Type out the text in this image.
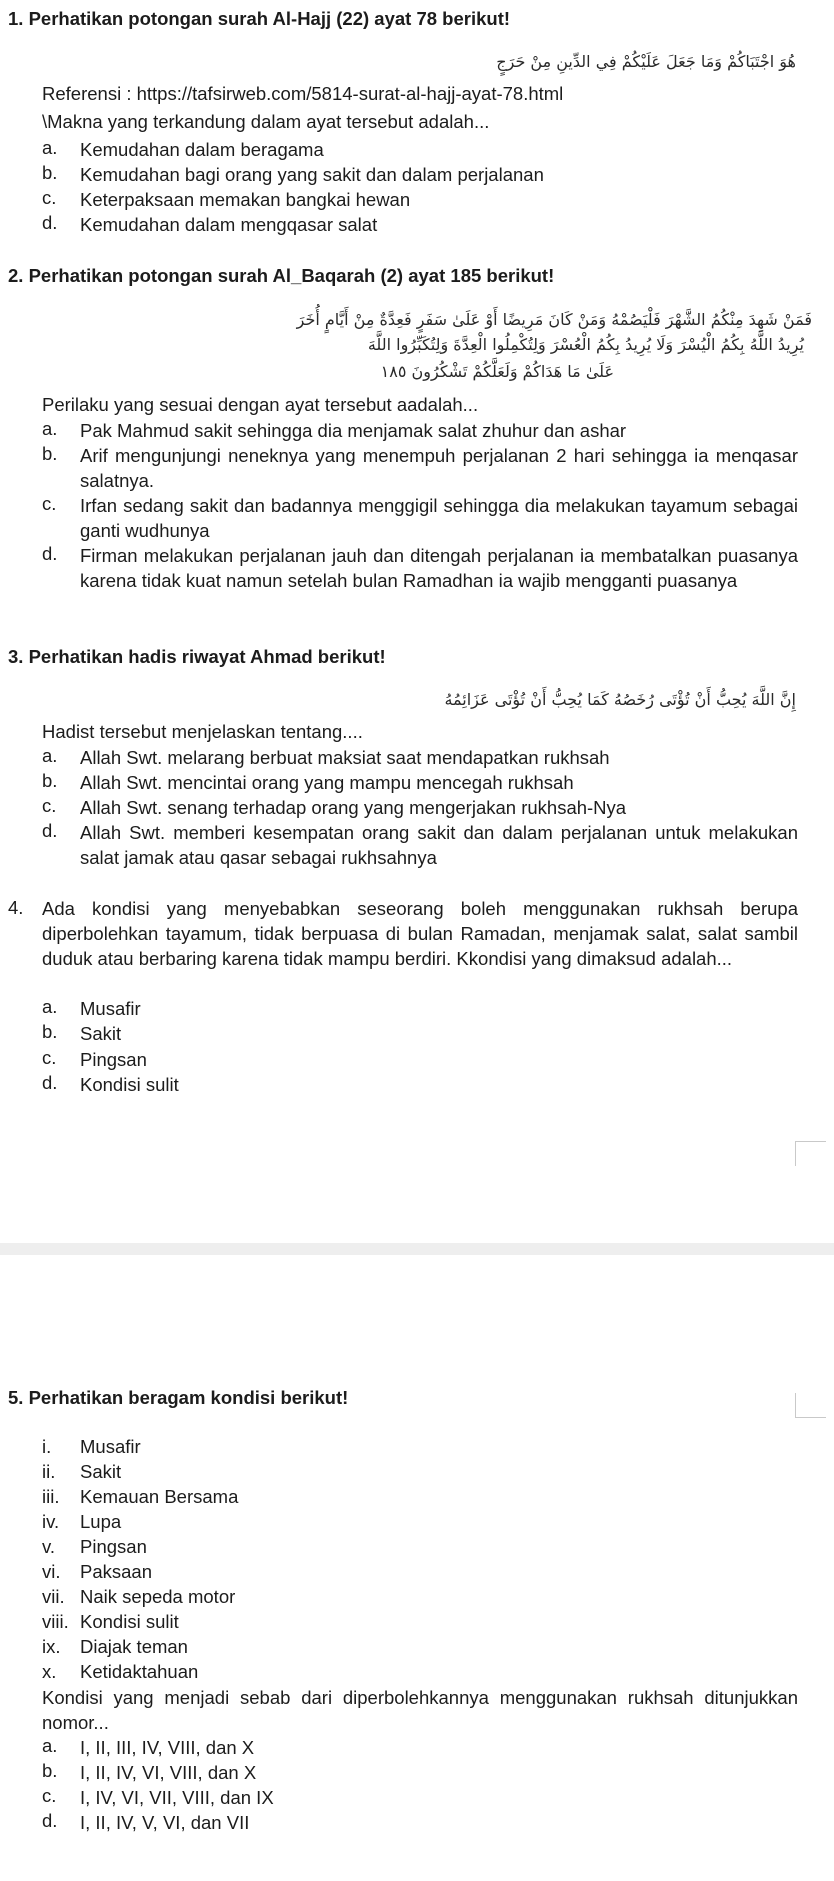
1. Perhatikan potongan surah Al-Hajj (22) ayat 78 berikut!
هُوَ اجْتَبَاكُمْ وَمَا جَعَلَ عَلَيْكُمْ فِي الدِّينِ مِنْ حَرَجٍ
Referensi : https://tafsirweb.com/5814-surat-al-hajj-ayat-78.html
\Makna yang terkandung dalam ayat tersebut adalah...
a. Kemudahan dalam beragama
b. Kemudahan bagi orang yang sakit dan dalam perjalanan
c. Keterpaksaan memakan bangkai hewan
d. Kemudahan dalam mengqasar salat
2. Perhatikan potongan surah Al_Baqarah (2) ayat 185 berikut!
فَمَنْ شَهِدَ مِنْكُمُ الشَّهْرَ فَلْيَصُمْهُ وَمَنْ كَانَ مَرِيضًا أَوْ عَلَىٰ سَفَرٍ فَعِدَّةٌ مِنْ أَيَّامٍ أُخَرَ
يُرِيدُ اللَّهُ بِكُمُ الْيُسْرَ وَلَا يُرِيدُ بِكُمُ الْعُسْرَ وَلِتُكْمِلُوا الْعِدَّةَ وَلِتُكَبِّرُوا اللَّهَ
عَلَىٰ مَا هَدَاكُمْ وَلَعَلَّكُمْ تَشْكُرُونَ ١٨٥
Perilaku yang sesuai dengan ayat tersebut aadalah...
a. Pak Mahmud sakit sehingga dia menjamak salat zhuhur dan ashar
b. Arif mengunjungi neneknya yang menempuh perjalanan 2 hari sehingga ia menqasar salatnya.
c. Irfan sedang sakit dan badannya menggigil sehingga dia melakukan tayamum sebagai ganti wudhunya
d. Firman melakukan perjalanan jauh dan ditengah perjalanan ia membatalkan puasanya karena tidak kuat namun setelah bulan Ramadhan ia wajib mengganti puasanya
3. Perhatikan hadis riwayat Ahmad berikut!
إِنَّ اللَّهَ يُحِبُّ أَنْ تُؤْتَى رُخَصُهُ كَمَا يُحِبُّ أَنْ تُؤْتَى عَزَائِمُهُ
Hadist tersebut menjelaskan tentang....
a. Allah Swt. melarang berbuat maksiat saat mendapatkan rukhsah
b. Allah Swt. mencintai orang yang mampu mencegah rukhsah
c. Allah Swt. senang terhadap orang yang mengerjakan rukhsah-Nya
d. Allah Swt. memberi kesempatan orang sakit dan dalam perjalanan untuk melakukan salat jamak atau qasar sebagai rukhsahnya
4. Ada kondisi yang menyebabkan seseorang boleh menggunakan rukhsah berupa diperbolehkan tayamum, tidak berpuasa di bulan Ramadan, menjamak salat, salat sambil duduk atau berbaring karena tidak mampu berdiri. Kkondisi yang dimaksud adalah...
a. Musafir
b. Sakit
c. Pingsan
d. Kondisi sulit
5. Perhatikan beragam kondisi berikut!
i. Musafir
ii. Sakit
iii. Kemauan Bersama
iv. Lupa
v. Pingsan
vi. Paksaan
vii. Naik sepeda motor
viii. Kondisi sulit
ix. Diajak teman
x. Ketidaktahuan
Kondisi yang menjadi sebab dari diperbolehkannya menggunakan rukhsah ditunjukkan nomor...
a. I, II, III, IV, VIII, dan X
b. I, II, IV, VI, VIII, dan X
c. I, IV, VI, VII, VIII, dan IX
d. I, II, IV, V, VI, dan VII
